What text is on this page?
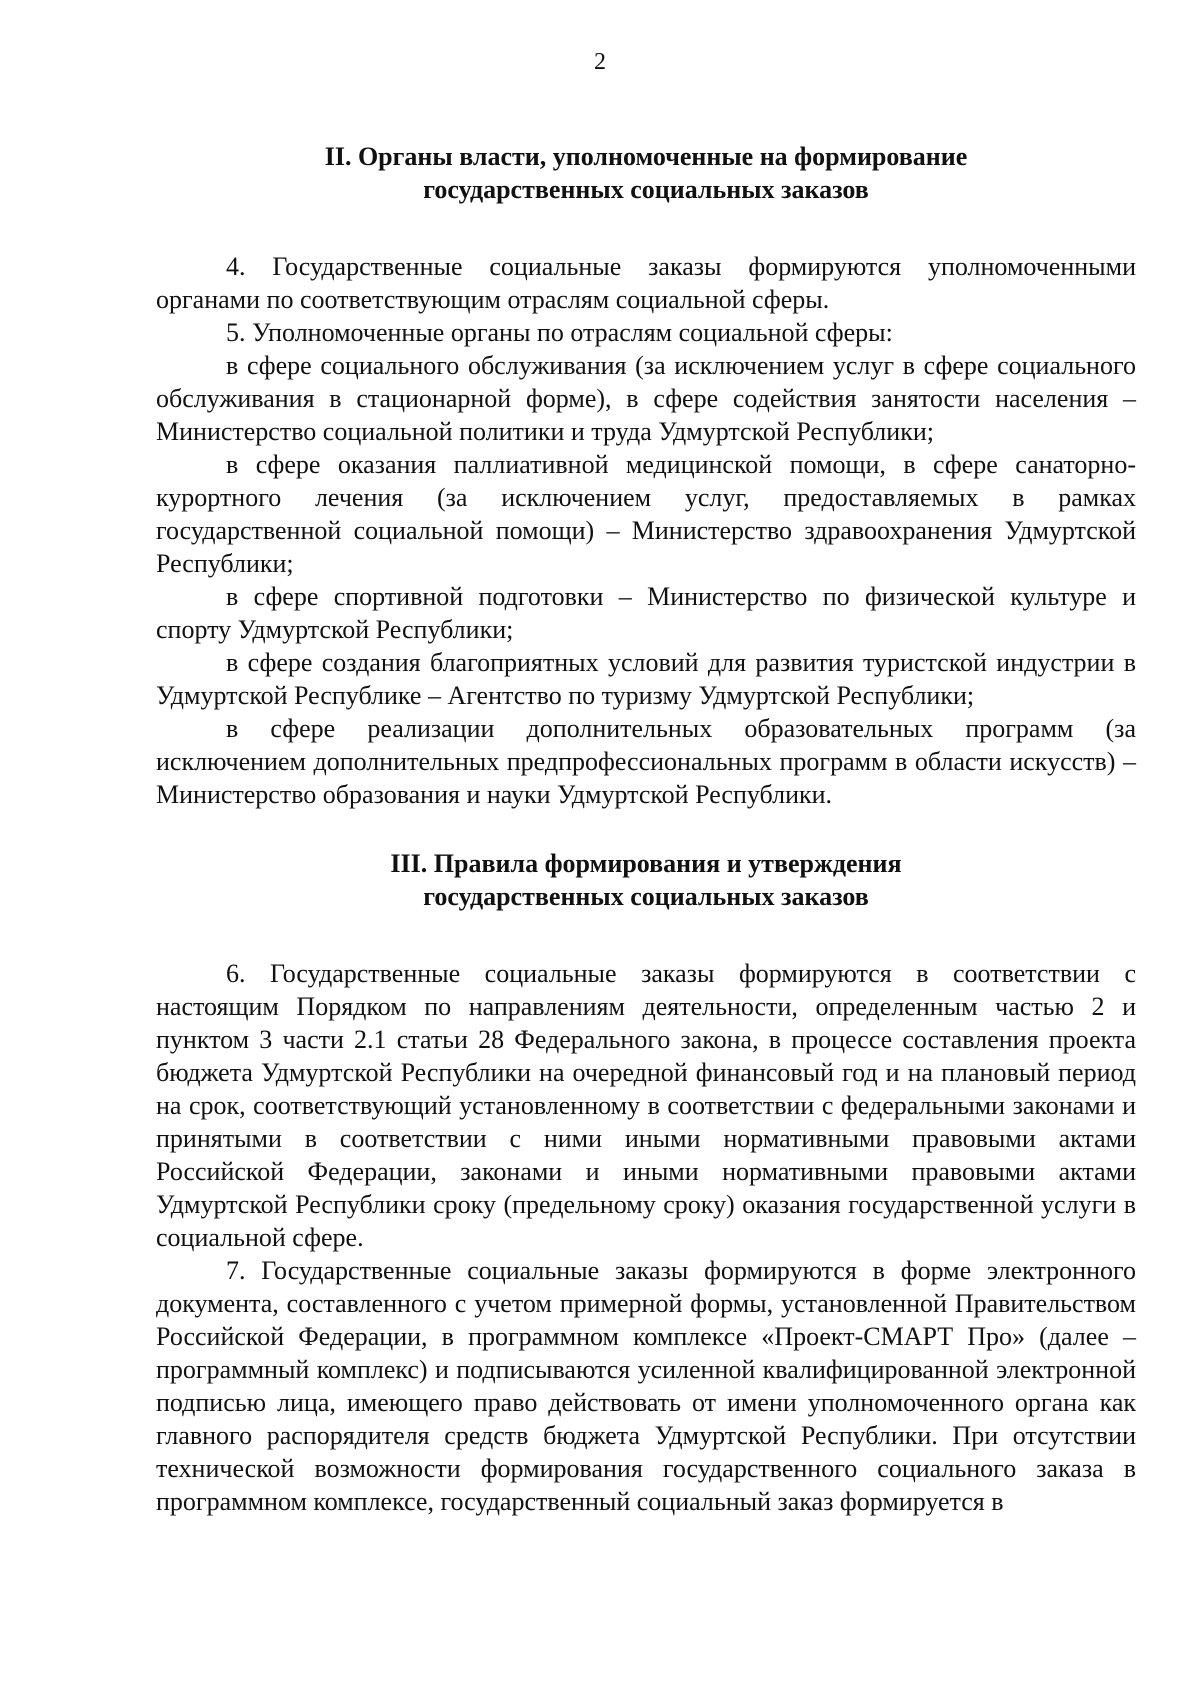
2
II. Органы власти, уполномоченные на формирование
государственных социальных заказов

4. Государственные социальные заказы формируются уполномоченными органами по соответствующим отраслям социальной сферы.

5. Уполномоченные органы по отраслям социальной сферы:

в сфере социального обслуживания (за исключением услуг в сфере социального обслуживания в стационарной форме), в сфере содействия занятости населения – Министерство социальной политики и труда Удмуртской Республики;

в сфере оказания паллиативной медицинской помощи, в сфере санаторно-курортного лечения (за исключением услуг, предоставляемых в рамках государственной социальной помощи) – Министерство здравоохранения Удмуртской Республики;

в сфере спортивной подготовки – Министерство по физической культуре и спорту Удмуртской Республики;

в сфере создания благоприятных условий для развития туристской индустрии в Удмуртской Республике – Агентство по туризму Удмуртской Республики;

в сфере реализации дополнительных образовательных программ (за исключением дополнительных предпрофессиональных программ в области искусств) – Министерство образования и науки Удмуртской Республики.

III. Правила формирования и утверждения
государственных социальных заказов

6. Государственные социальные заказы формируются в соответствии с настоящим Порядком по направлениям деятельности, определенным частью 2 и пунктом 3 части 2.1 статьи 28 Федерального закона, в процессе составления проекта бюджета Удмуртской Республики на очередной финансовый год и на плановый период на срок, соответствующий установленному в соответствии с федеральными законами и принятыми в соответствии с ними иными нормативными правовыми актами Российской Федерации, законами и иными нормативными правовыми актами Удмуртской Республики сроку (предельному сроку) оказания государственной услуги в социальной сфере.

7. Государственные социальные заказы формируются в форме электронного документа, составленного с учетом примерной формы, установленной Правительством Российской Федерации, в программном комплексе «Проект-СМАРТ Про» (далее – программный комплекс) и подписываются усиленной квалифицированной электронной подписью лица, имеющего право действовать от имени уполномоченного органа как главного распорядителя средств бюджета Удмуртской Республики. При отсутствии технической возможности формирования государственного социального заказа в программном комплексе, государственный социальный заказ формируется в
